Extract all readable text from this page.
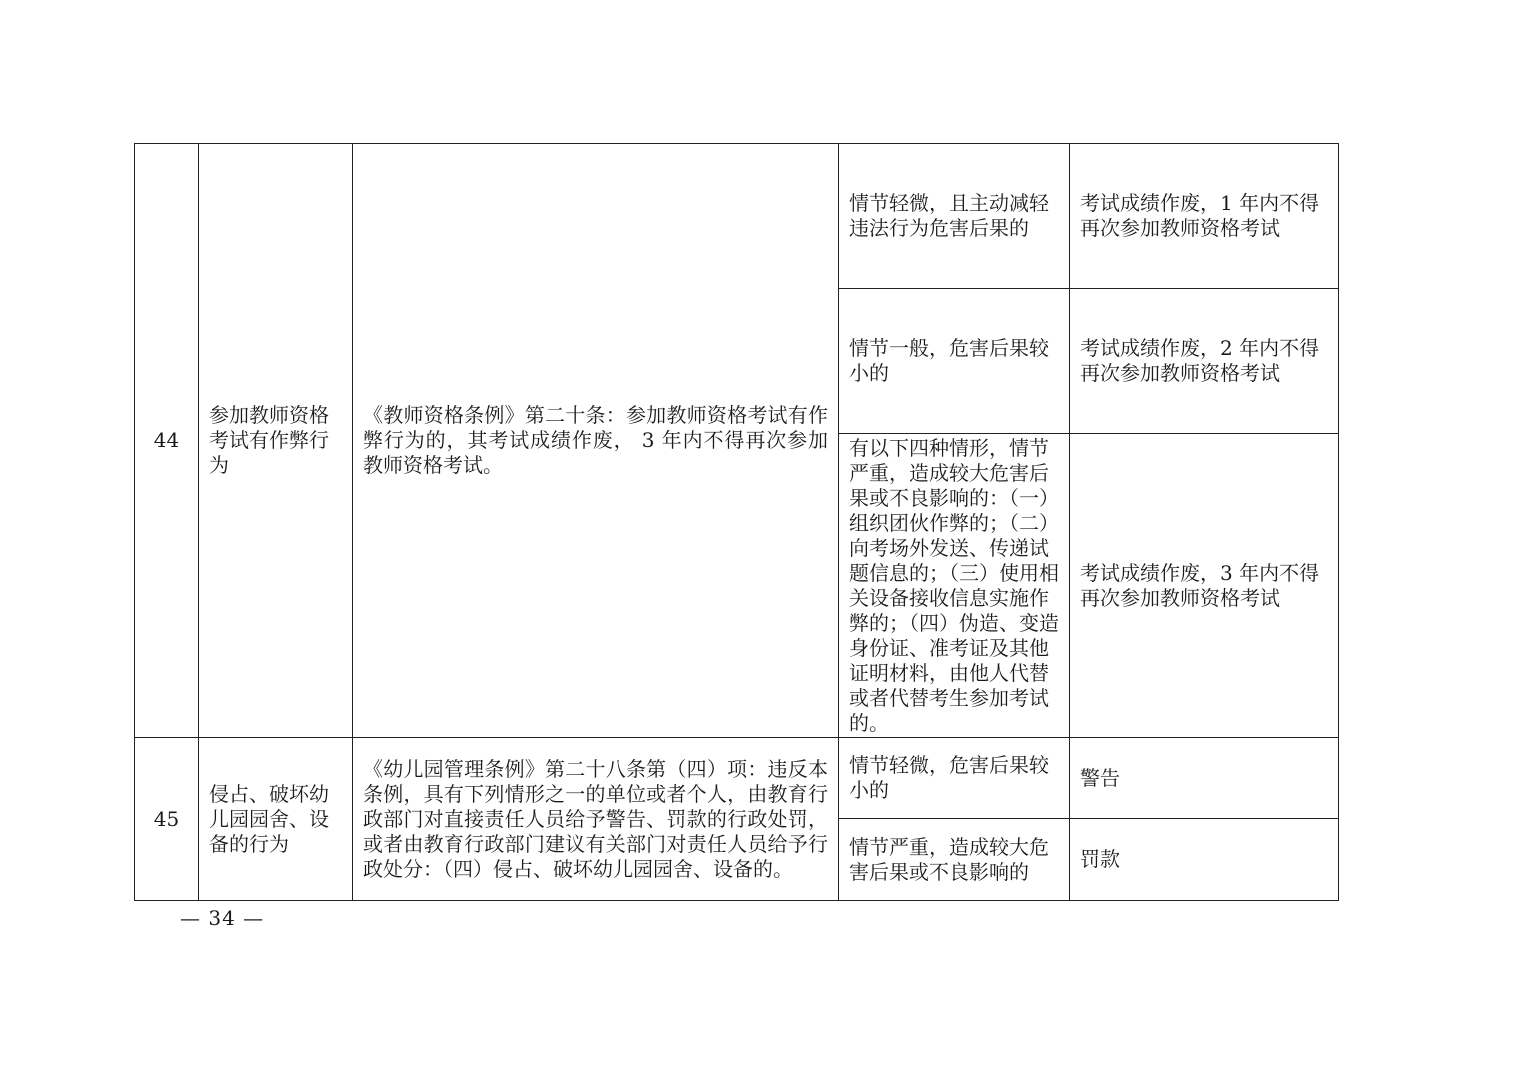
44	参加教师资格考试有作弊行为	《教师资格条例》第二十条：参加教师资格考试有作弊行为的，其考试成绩作废， 3 年内不得再次参加教师资格考试。	情节轻微，且主动减轻违法行为危害后果的	考试成绩作废，1 年内不得再次参加教师资格考试
			情节一般，危害后果较小的	考试成绩作废，2 年内不得再次参加教师资格考试
			有以下四种情形，情节严重，造成较大危害后果或不良影响的：（一）组织团伙作弊的；（二）向考场外发送、传递试题信息的；（三）使用相关设备接收信息实施作弊的；（四）伪造、变造身份证、准考证及其他证明材料，由他人代替或者代替考生参加考试的。	考试成绩作废，3 年内不得再次参加教师资格考试
45	侵占、破坏幼儿园园舍、设备的行为	《幼儿园管理条例》第二十八条第（四）项：违反本条例，具有下列情形之一的单位或者个人，由教育行政部门对直接责任人员给予警告、罚款的行政处罚，或者由教育行政部门建议有关部门对责任人员给予行政处分：（四）侵占、破坏幼儿园园舍、设备的。	情节轻微，危害后果较小的	警告
			情节严重，造成较大危害后果或不良影响的	罚款
— 34 —
